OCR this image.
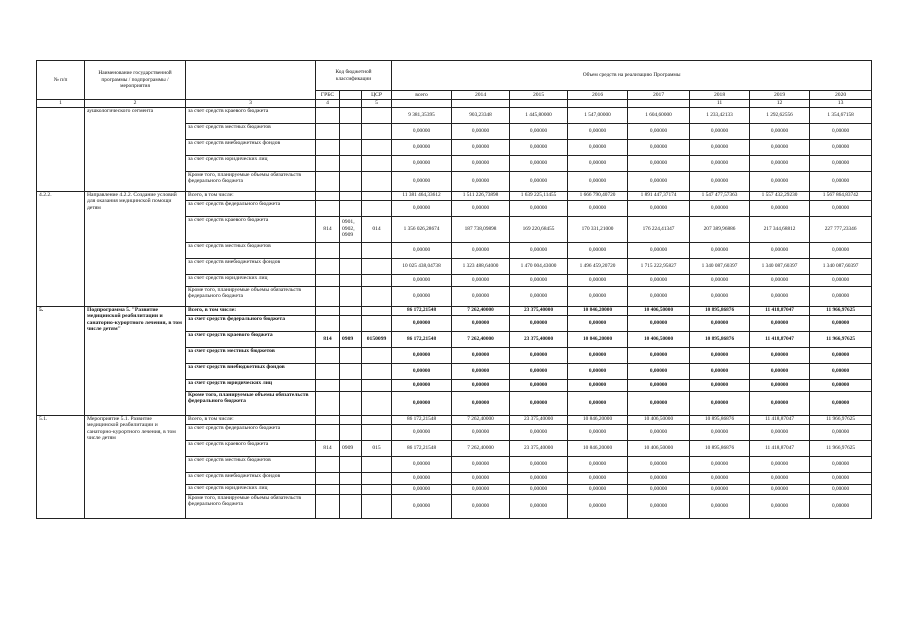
№ п/п	Наименование государственной программы / подпрограммы / мероприятия		Код бюджетной классификации			Объем средств на реализацию Программы							
			ГРБС		ЦСР	всего	2014	2015	2016	2017	2018	2019	2020
1	2	3	4		5						11	12	13
	аушкологического сегмента	за счет средств краевого бюджета				9 381,35395	903,23348	1 445,80000	1 547,00000	1 604,60000	1 233,42133	1 292,62556	1 354,67158
		за счет средств местных бюджетов				0,00000	0,00000	0,00000	0,00000	0,00000	0,00000	0,00000	0,00000
		за счет средств внебюджетных фондов				0,00000	0,00000	0,00000	0,00000	0,00000	0,00000	0,00000	0,00000
		за счет средств юридических лиц				0,00000	0,00000	0,00000	0,00000	0,00000	0,00000	0,00000	0,00000
		Кроме того, планируемые объемы обязательств федерального бюджета				0,00000	0,00000	0,00000	0,00000	0,00000	0,00000	0,00000	0,00000
4.2.2.	Направление 4.2.2. Создание условий для оказания медицинской помощи детям	Всего, в том числе:				11 381 464,33612	1 511 226,73898	1 639 225,11455	1 666 790,40720	1 891 447,37174	1 547 477,57363	1 557 432,29230	1 567 864,83742
		за счет средств федерального бюджета				0,00000	0,00000	0,00000	0,00000	0,00000	0,00000	0,00000	0,00000
		за счет средств краевого бюджета	814	0901, 0902, 0909	014	1 356 026,28674	187 738,09898	169 220,68455	170 331,21000	176 224,41347	207 389,96886	217 344,68812	227 777,23346
		за счет средств местных бюджетов				0,00000	0,00000	0,00000	0,00000	0,00000	0,00000	0,00000	0,00000
		за счет средств внебюджетных фондов				10 025 438,04738	1 323 488,64000	1 470 004,43000	1 496 459,20720	1 715 222,95827	1 340 087,60397	1 340 087,60397	1 340 087,60397
		за счет средств юридических лиц				0,00000	0,00000	0,00000	0,00000	0,00000	0,00000	0,00000	0,00000
		Кроме того, планируемые объемы обязательств федерального бюджета				0,00000	0,00000	0,00000	0,00000	0,00000	0,00000	0,00000	0,00000
5.	Подпрограмма 5. "Развитие медицинской реабилитации и санаторно-курортного лечения, в том числе детям"	Всего, в том числе:				86 172,21548	7 262,40000	23 375,40000	10 846,20000	10 406,50000	10 895,86876	11 418,87047	11 966,97625
		за счет средств федерального бюджета				0,00000	0,00000	0,00000	0,00000	0,00000	0,00000	0,00000	0,00000
		за счет средств краевого бюджета	814	0909	0150099	86 172,21548	7 262,40000	23 375,40000	10 846,20000	10 406,50000	10 895,86876	11 418,87047	11 966,97625
		за счет средств местных бюджетов				0,00000	0,00000	0,00000	0,00000	0,00000	0,00000	0,00000	0,00000
		за счет средств внебюджетных фондов				0,00000	0,00000	0,00000	0,00000	0,00000	0,00000	0,00000	0,00000
		за счет средств юридических лиц				0,00000	0,00000	0,00000	0,00000	0,00000	0,00000	0,00000	0,00000
		Кроме того, планируемые объемы обязательств федерального бюджета				0,00000	0,00000	0,00000	0,00000	0,00000	0,00000	0,00000	0,00000
5.1.	Мероприятие 5.1. Развитие медицинской реабилитации и санаторно-курортного лечения, в том числе детям	Всего, в том числе:				86 172,21548	7 262,40000	23 375,40000	10 846,20000	10 406,50000	10 895,86876	11 418,87047	11 966,97625
		за счет средств федерального бюджета				0,00000	0,00000	0,00000	0,00000	0,00000	0,00000	0,00000	0,00000
		за счет средств краевого бюджета	814	0909	015	86 172,21548	7 262,40000	23 375,40000	10 846,20000	10 406,50000	10 895,86876	11 418,87047	11 966,97625
		за счет средств местных бюджетов				0,00000	0,00000	0,00000	0,00000	0,00000	0,00000	0,00000	0,00000
		за счет средств внебюджетных фондов				0,00000	0,00000	0,00000	0,00000	0,00000	0,00000	0,00000	0,00000
		за счет средств юридических лиц				0,00000	0,00000	0,00000	0,00000	0,00000	0,00000	0,00000	0,00000
		Кроме того, планируемые объемы обязательств федерального бюджета				0,00000	0,00000	0,00000	0,00000	0,00000	0,00000	0,00000	0,00000
